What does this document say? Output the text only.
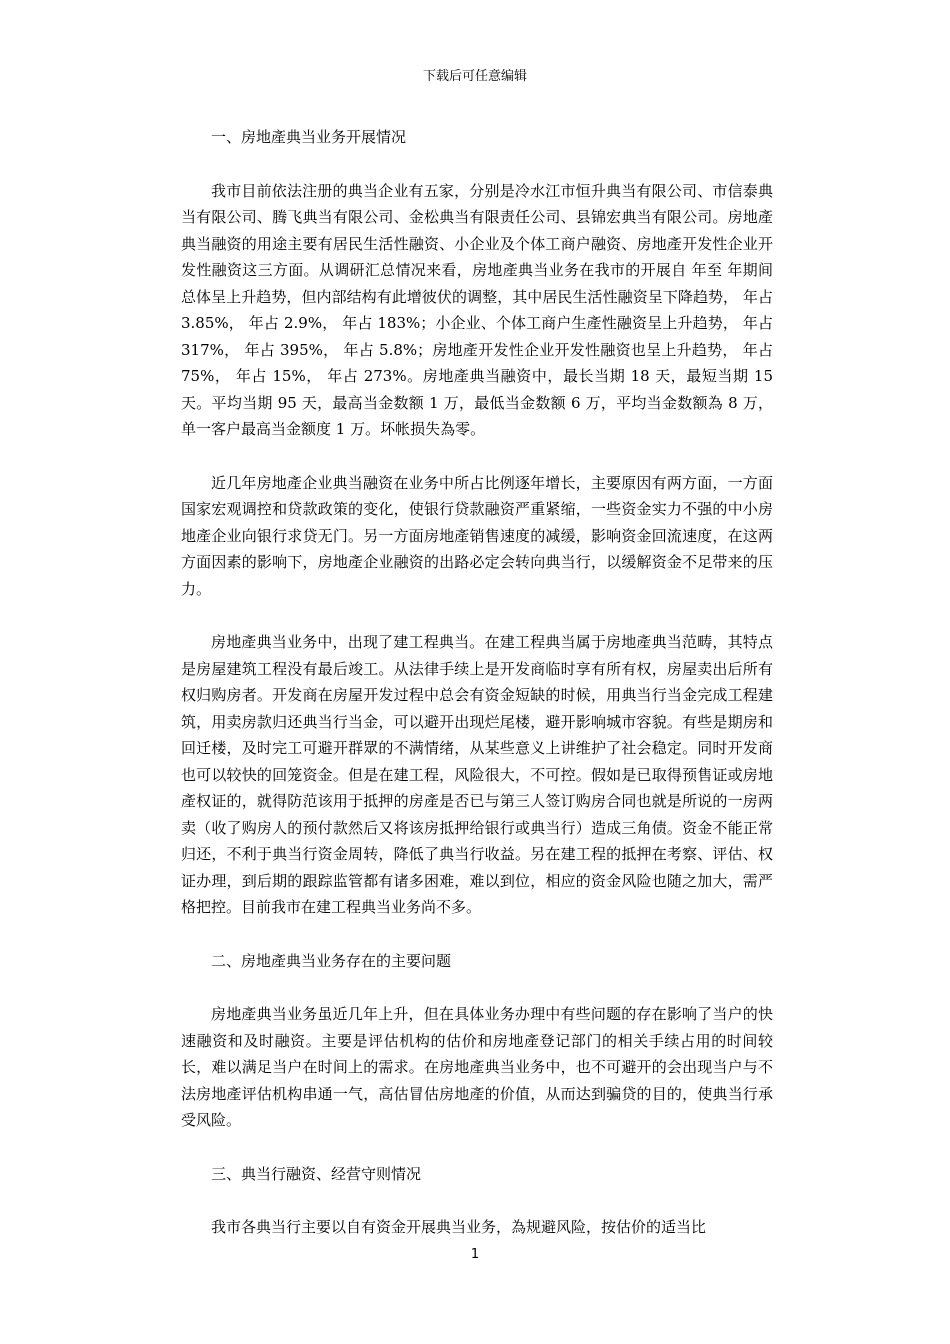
下载后可任意编辑
一、房地產典当业务开展情况

我市目前依法注册的典当企业有五家，分别是冷水江市恒升典当有限公司、市信泰典当有限公司、腾飞典当有限公司、金松典当有限责任公司、县锦宏典当有限公司。房地產典当融资的用途主要有居民生活性融资、小企业及个体工商户融资、房地產开发性企业开发性融资这三方面。从调研汇总情况来看，房地產典当业务在我市的开展自 年至 年期间总体呈上升趋势，但内部结构有此增彼伏的调整，其中居民生活性融资呈下降趋势， 年占 3.85%， 年占 2.9%， 年占 183%；小企业、个体工商户生產性融资呈上升趋势， 年占 317%， 年占 395%， 年占 5.8%；房地產开发性企业开发性融资也呈上升趋势， 年占 75%， 年占 15%， 年占 273%。房地產典当融资中，最长当期 18 天，最短当期 15 天。平均当期 95 天，最高当金数额 1 万，最低当金数额 6 万，平均当金数额為 8 万，单一客户最高当金额度 1 万。坏帐损失為零。

近几年房地產企业典当融资在业务中所占比例逐年增长，主要原因有两方面，一方面国家宏观调控和贷款政策的变化，使银行贷款融资严重紧缩，一些资金实力不强的中小房地產企业向银行求贷无门。另一方面房地產销售速度的减缓，影响资金回流速度，在这两方面因素的影响下，房地產企业融资的出路必定会转向典当行，以缓解资金不足带来的压力。

房地產典当业务中，出现了建工程典当。在建工程典当属于房地產典当范畴，其特点是房屋建筑工程没有最后竣工。从法律手续上是开发商临时享有所有权，房屋卖出后所有权归购房者。开发商在房屋开发过程中总会有资金短缺的时候，用典当行当金完成工程建筑，用卖房款归还典当行当金，可以避开出现烂尾楼，避开影响城市容貌。有些是期房和回迁楼，及时完工可避开群眾的不满情绪，从某些意义上讲维护了社会稳定。同时开发商也可以较快的回笼资金。但是在建工程，风险很大，不可控。假如是已取得预售证或房地產权证的，就得防范该用于抵押的房產是否已与第三人签订购房合同也就是所说的一房两卖（收了购房人的预付款然后又将该房抵押给银行或典当行）造成三角债。资金不能正常归还，不利于典当行资金周转，降低了典当行收益。另在建工程的抵押在考察、评估、权证办理，到后期的跟踪监管都有诸多困难，难以到位，相应的资金风险也随之加大，需严格把控。目前我市在建工程典当业务尚不多。

二、房地產典当业务存在的主要问题

房地產典当业务虽近几年上升，但在具体业务办理中有些问题的存在影响了当户的快速融资和及时融资。主要是评估机构的估价和房地產登记部门的相关手续占用的时间较长，难以满足当户在时间上的需求。在房地產典当业务中，也不可避开的会出现当户与不法房地產评估机构串通一气，高估冒估房地產的价值，从而达到骗贷的目的，使典当行承受风险。

三、典当行融资、经营守则情况

我市各典当行主要以自有资金开展典当业务，為规避风险，按估价的适当比

1
